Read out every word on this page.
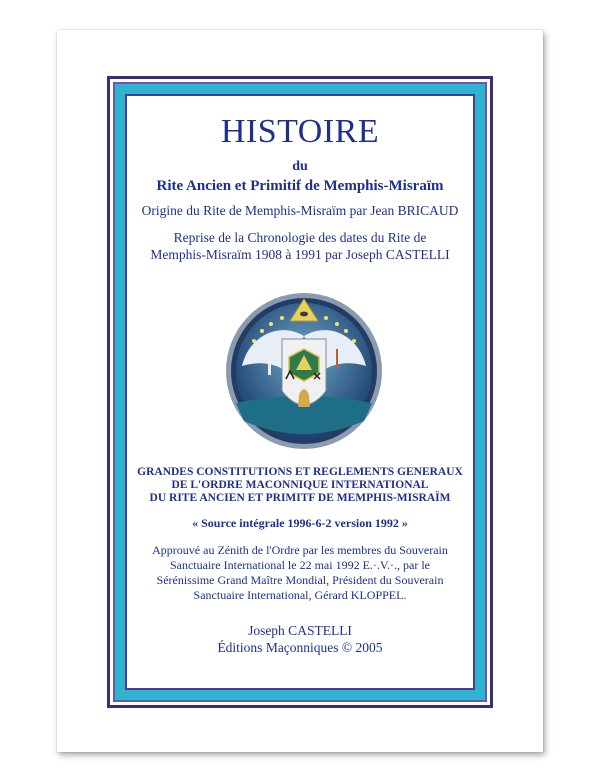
HISTOIRE
du
Rite Ancien et Primitif de Memphis-Misraïm
Origine du Rite de Memphis-Misraïm par Jean BRICAUD
Reprise de la Chronologie des dates du Rite de
Memphis-Misraïm 1908 à 1991 par Joseph CASTELLI
GRANDES CONSTITUTIONS ET REGLEMENTS GENERAUX
DE L'ORDRE MACONNIQUE INTERNATIONAL
DU RITE ANCIEN ET PRIMITF DE MEMPHIS-MISRAÏM
« Source intégrale 1996-6-2 version 1992 »
Approuvé au Zénith de l'Ordre par les membres du Souverain
Sanctuaire International le 22 mai 1992 E.·.V.·., par le
Sérénissime Grand Maître Mondial, Président du Souverain
Sanctuaire International, Gérard KLOPPEL.
Joseph CASTELLI
Éditions Maçonniques © 2005
